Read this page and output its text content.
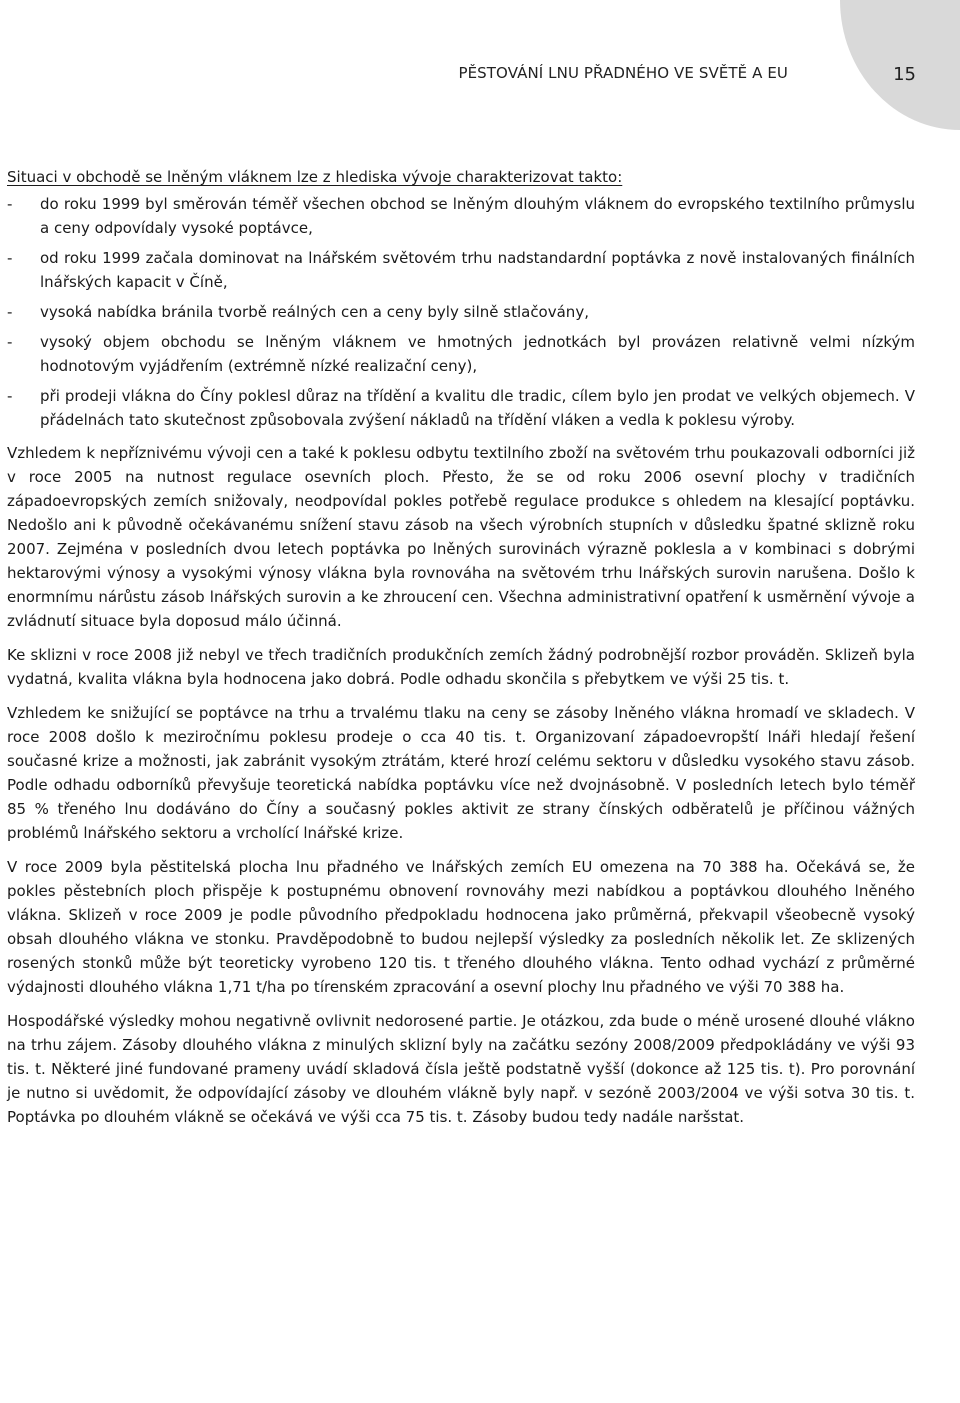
PĚSTOVÁNÍ LNU PŘADNÉHO VE SVĚTĚ A EU	15

Situaci v obchodě se lněným vláknem lze z hlediska vývoje charakterizovat takto:

- do roku 1999 byl směrován téměř všechen obchod se lněným dlouhým vláknem do evropského textilního průmyslu a ceny odpovídaly vysoké poptávce,
- od roku 1999 začala dominovat na lnářském světovém trhu nadstandardní poptávka z nově instalovaných finálních lnářských kapacit v Číně,
- vysoká nabídka bránila tvorbě reálných cen a ceny byly silně stlačovány,
- vysoký objem obchodu se lněným vláknem ve hmotných jednotkách byl provázen relativně velmi nízkým hodnotovým vyjádřením (extrémně nízké realizační ceny),
- při prodeji vlákna do Číny poklesl důraz na třídění a kvalitu dle tradic, cílem bylo jen prodat ve velkých objemech. V přádelnách tato skutečnost způsobovala zvýšení nákladů na třídění vláken a vedla k poklesu výroby.

Vzhledem k nepříznivému vývoji cen a také k poklesu odbytu textilního zboží na světovém trhu poukazovali odborníci již v roce 2005 na nutnost regulace osevních ploch. Přesto, že se od roku 2006 osevní plochy v tradičních západoevropských zemích snižovaly, neodpovídal pokles potřebě regulace produkce s ohledem na klesající poptávku. Nedošlo ani k původně očekávanému snížení stavu zásob na všech výrobních stupních v důsledku špatné sklizně roku 2007. Zejména v posledních dvou letech poptávka po lněných surovinách výrazně poklesla a v kombinaci s dobrými hektarovými výnosy a vysokými výnosy vlákna byla rovnováha na světovém trhu lnářských surovin narušena. Došlo k enormnímu nárůstu zásob lnářských surovin a ke zhroucení cen. Všechna administrativní opatření k usměrnění vývoje a zvládnutí situace byla doposud málo účinná.

Ke sklizni v roce 2008 již nebyl ve třech tradičních produkčních zemích žádný podrobnější rozbor prováděn. Sklizeň byla vydatná, kvalita vlákna byla hodnocena jako dobrá. Podle odhadu skončila s přebytkem ve výši 25 tis. t.

Vzhledem ke snižující se poptávce na trhu a trvalému tlaku na ceny se zásoby lněného vlákna hromadí ve skladech. V roce 2008 došlo k meziročnímu poklesu prodeje o cca 40 tis. t. Organizovaní západoevropští lnáři hledají řešení současné krize a možnosti, jak zabránit vysokým ztrátám, které hrozí celému sektoru v důsledku vysokého stavu zásob. Podle odhadu odborníků převyšuje teoretická nabídka poptávku více než dvojnásobně. V posledních letech bylo téměř 85 % třeného lnu dodáváno do Číny a současný pokles aktivit ze strany čínských odběratelů je příčinou vážných problémů lnářského sektoru a vrcholící lnářské krize.

V roce 2009 byla pěstitelská plocha lnu přadného ve lnářských zemích EU omezena na 70 388 ha. Očekává se, že pokles pěstebních ploch přispěje k postupnému obnovení rovnováhy mezi nabídkou a poptávkou dlouhého lněného vlákna. Sklizeň v roce 2009 je podle původního předpokladu hodnocena jako průměrná, překvapil všeobecně vysoký obsah dlouhého vlákna ve stonku. Pravděpodobně to budou nejlepší výsledky za posledních několik let. Ze sklizených rosených stonků může být teoreticky vyrobeno 120 tis. t třeného dlouhého vlákna. Tento odhad vychází z průměrné výdajnosti dlouhého vlákna 1,71 t/ha po tírenském zpracování a osevní plochy lnu přadného ve výši 70 388 ha.

Hospodářské výsledky mohou negativně ovlivnit nedorosené partie. Je otázkou, zda bude o méně urosené dlouhé vlákno na trhu zájem. Zásoby dlouhého vlákna z minulých sklizní byly na začátku sezóny 2008/2009 předpokládány ve výši 93 tis. t. Některé jiné fundované prameny uvádí skladová čísla ještě podstatně vyšší (dokonce až 125 tis. t). Pro porovnání je nutno si uvědomit, že odpovídající zásoby ve dlouhém vlákně byly např. v sezóně 2003/2004 ve výši sotva 30 tis. t. Poptávka po dlouhém vlákně se očekává ve výši cca 75 tis. t. Zásoby budou tedy nadále naršstat.
